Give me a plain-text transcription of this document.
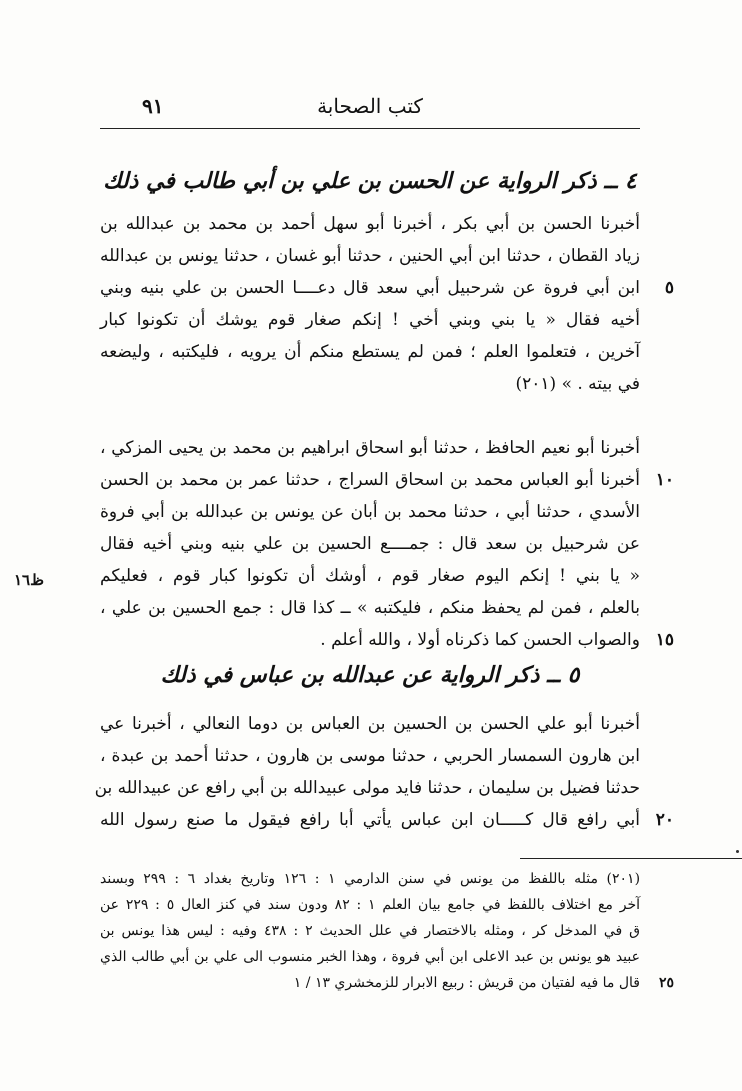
٩١	كتب الصحابة
٤ ــ ذكر الرواية عن الحسن بن علي بن أبي طالب في ذلك
أخبرنا الحسن بن أبي بكر ، أخبرنا أبو سهل أحمد بن محمد بن عبدالله بن
زياد القطان ، حدثنا ابن أبي الحنين ، حدثنا أبو غسان ، حدثنا يونس بن عبدالله
٥
ابن أبي فروة عن شرحبيل أبي سعد قال دعــــا الحسن بن علي بنيه وبني
أخيه فقال « يا بني وبني أخي ! إنكم صغار قوم يوشك أن تكونوا كبار
آخرين ، فتعلموا العلم ؛ فمن لم يستطع منكم أن يرويه ، فليكتبه ، وليضعه
في بيته . » (٢٠١)
أخبرنا أبو نعيم الحافظ ، حدثنا أبو اسحاق ابراهيم بن محمد بن يحيى المزكي ،
١٠
أخبرنا أبو العباس محمد بن اسحاق السراج ، حدثنا عمر بن محمد بن الحسن
الأسدي ، حدثنا أبي ، حدثنا محمد بن أبان عن يونس بن عبدالله بن أبي فروة
عن شرحبيل بن سعد قال : جمــــع الحسين بن علي بنيه وبني أخيه فقال
« يا بني ! إنكم اليوم صغار قوم ، أوشك أن تكونوا كبار قوم ، فعليكم
بالعلم ، فمن لم يحفظ منكم ، فليكتبه » ــ كذا قال : جمع الحسين بن علي ،
١٥
والصواب الحسن كما ذكرناه أولا ، والله أعلم .
ظ١٦
٥ ــ ذكر الرواية عن عبدالله بن عباس في ذلك
أخبرنا أبو علي الحسن بن الحسين بن العباس بن دوما النعالي ، أخبرنا عي
ابن هارون السمسار الحربي ، حدثنا موسى بن هارون ، حدثنا أحمد بن عبدة ،
حدثنا فضيل بن سليمان ، حدثنا فايد مولى عبيدالله بن أبي رافع عن عبيدالله بن
٢٠
أبي رافع قال كـــــان ابن عباس يأتي أبا رافع فيقول ما صنع رسول الله
(٢٠١) مثله باللفظ من يونس في سنن الدارمي ١ : ١٢٦ وتاريخ بغداد ٦ : ٢٩٩ وبسند
آخر مع اختلاف باللفظ في جامع بيان العلم ١ : ٨٢ ودون سند في كنز العال ٥ : ٢٢٩ عن
ق في المدخل كر ، ومثله بالاختصار في علل الحديث ٢ : ٤٣٨ وفيه : ليس هذا يونس بن
عبيد هو يونس بن عبد الاعلى ابن أبي فروة ، وهذا الخبر منسوب الى علي بن أبي طالب الذي
٢٥
قال ما فيه لفتيان من قريش : ربيع الابرار للزمخشري ١٣ / ١
